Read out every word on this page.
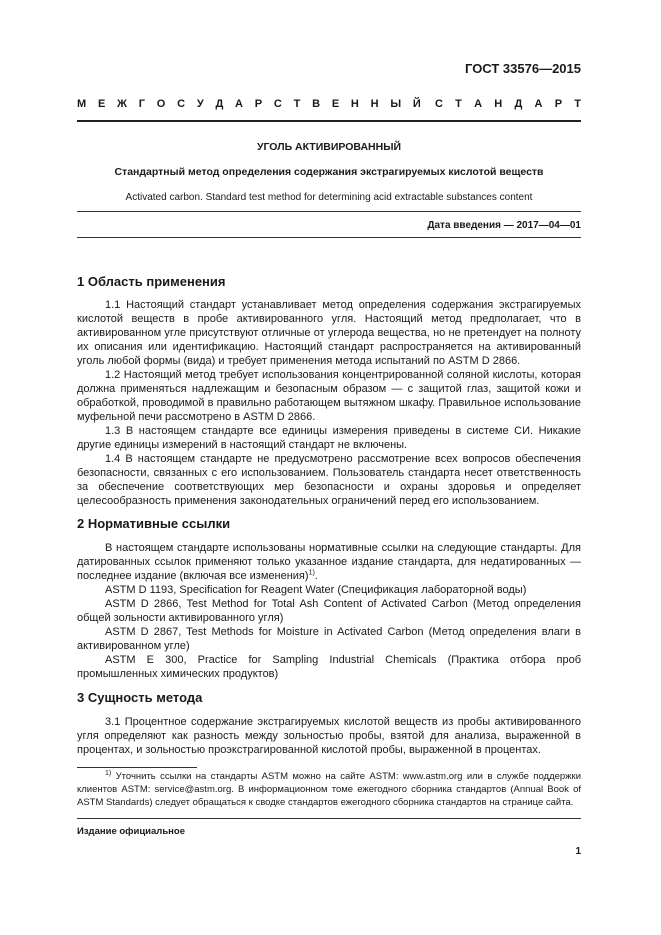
ГОСТ 33576—2015
М Е Ж Г О С У Д А Р С Т В Е Н Н Ы Й С Т А Н Д А Р Т
УГОЛЬ АКТИВИРОВАННЫЙ
Стандартный метод определения содержания экстрагируемых кислотой веществ
Activated carbon. Standard test method for determining acid extractable substances content
Дата введения — 2017—04—01
1 Область применения

1.1 Настоящий стандарт устанавливает метод определения содержания экстрагируемых кислотой веществ в пробе активированного угля. Настоящий метод предполагает, что в активированном угле присутствуют отличные от углерода вещества, но не претендует на полноту их описания или идентификацию. Настоящий стандарт распространяется на активированный уголь любой формы (вида) и требует применения метода испытаний по ASTM D 2866.

1.2 Настоящий метод требует использования концентрированной соляной кислоты, которая должна применяться надлежащим и безопасным образом — с защитой глаз, защитой кожи и обработкой, проводимой в правильно работающем вытяжном шкафу. Правильное использование муфельной печи рассмотрено в ASTM D 2866.

1.3 В настоящем стандарте все единицы измерения приведены в системе СИ. Никакие другие единицы измерений в настоящий стандарт не включены.

1.4 В настоящем стандарте не предусмотрено рассмотрение всех вопросов обеспечения безопасности, связанных с его использованием. Пользователь стандарта несет ответственность за обеспечение соответствующих мер безопасности и охраны здоровья и определяет целесообразность применения законодательных ограничений перед его использованием.

2 Нормативные ссылки

В настоящем стандарте использованы нормативные ссылки на следующие стандарты. Для датированных ссылок применяют только указанное издание стандарта, для недатированных — последнее издание (включая все изменения)$^{1)}$.

ASTM D 1193, Specification for Reagent Water (Спецификация лабораторной воды)

ASTM D 2866, Test Method for Total Ash Content of Activated Carbon (Метод определения общей зольности активированного угля)

ASTM D 2867, Test Methods for Moisture in Activated Carbon (Метод определения влаги в активированном угле)

ASTM E 300, Practice for Sampling Industrial Chemicals (Практика отбора проб промышленных химических продуктов)

3 Сущность метода

3.1 Процентное содержание экстрагируемых кислотой веществ из пробы активированного угля определяют как разность между зольностью пробы, взятой для анализа, выраженной в процентах, и зольностью проэкстрагированной кислотой пробы, выраженной в процентах.

$^{1)}$ Уточнить ссылки на стандарты ASTM можно на сайте ASTM: www.astm.org или в службе поддержки клиентов ASTM: service@astm.org. В информационном томе ежегодного сборника стандартов (Annual Book of ASTM Standards) следует обращаться к сводке стандартов ежегодного сборника стандартов на странице сайта.
Издание официальное
1
